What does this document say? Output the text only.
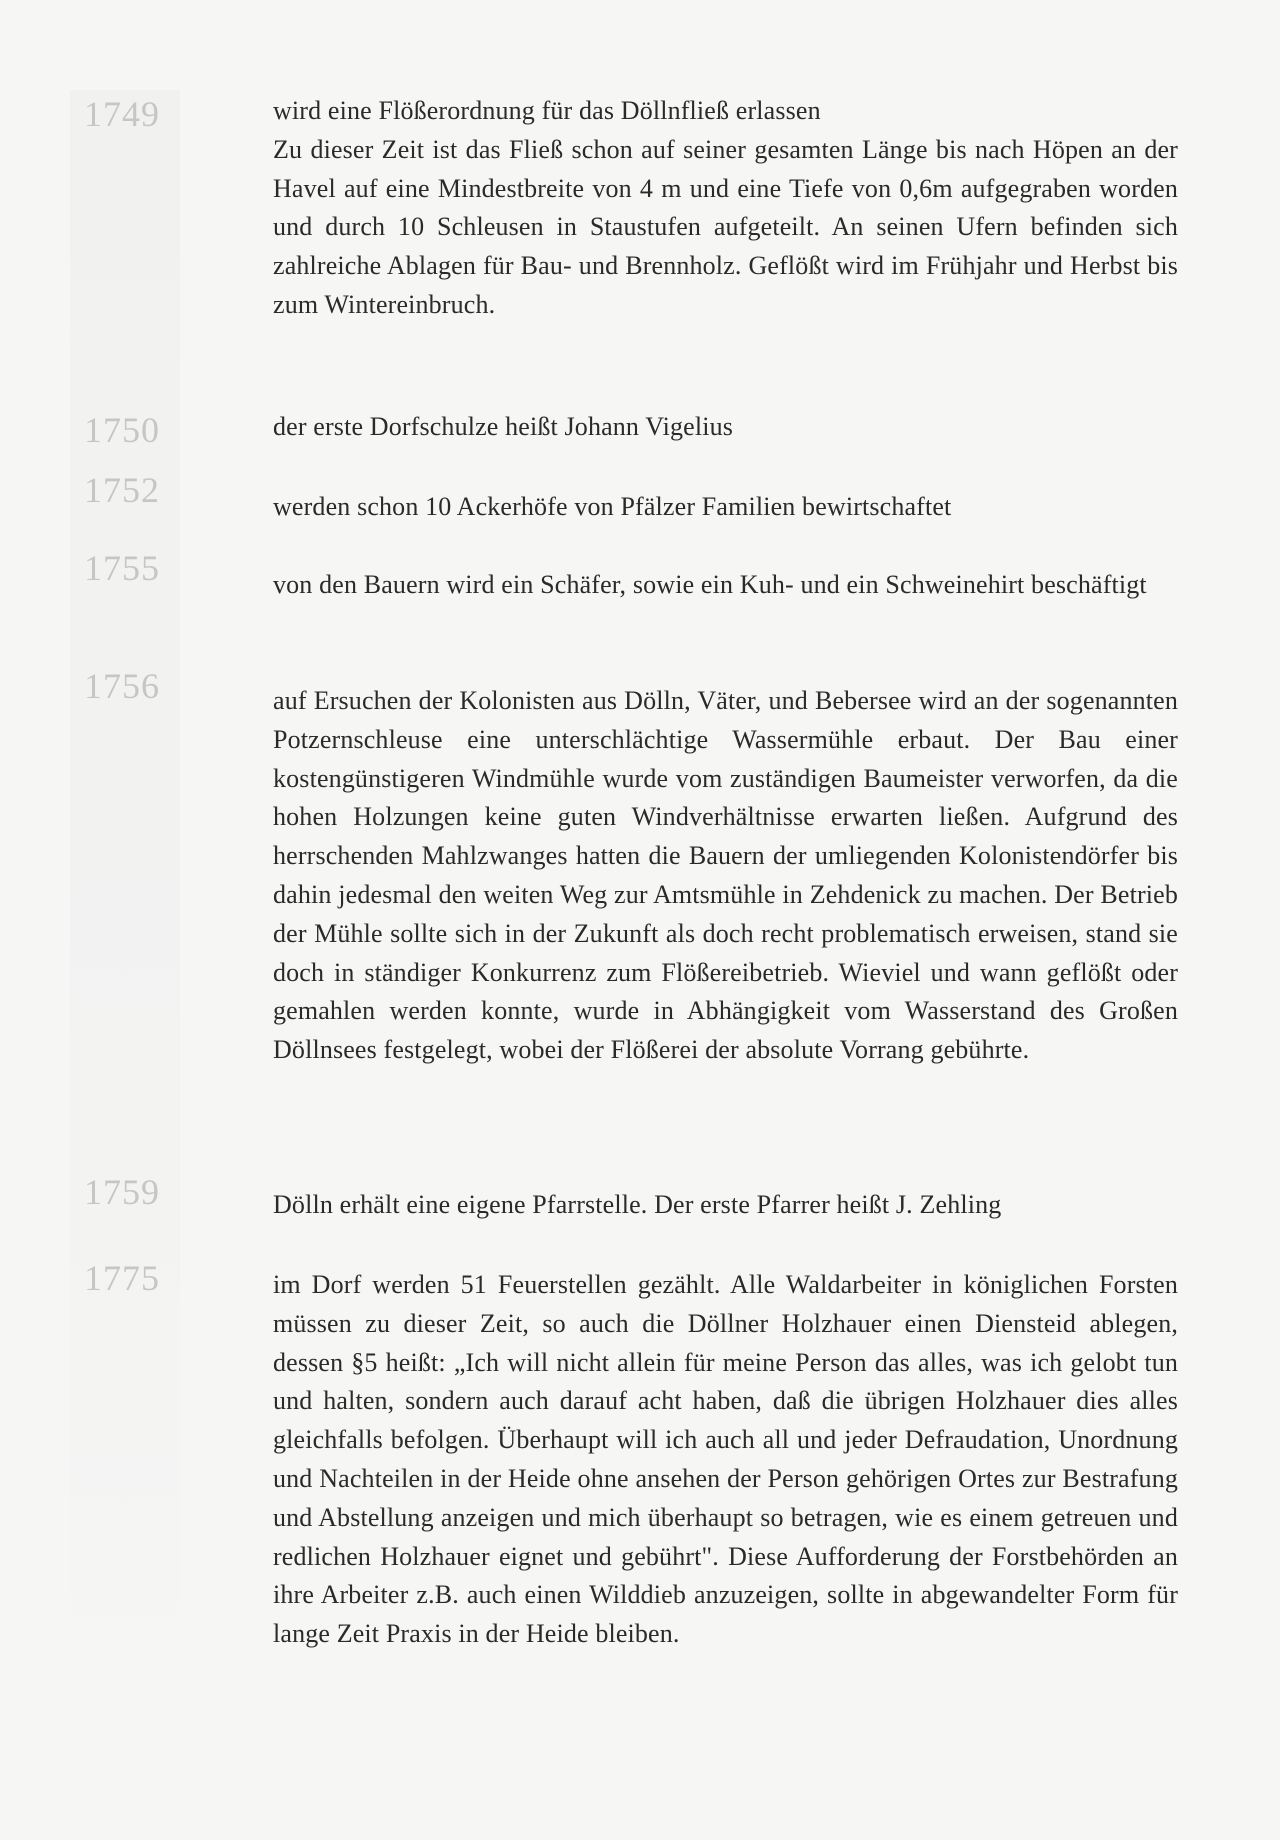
1749	wird eine Flößerordnung für das Döllnfließ erlassen

Zu dieser Zeit ist das Fließ schon auf seiner gesamten Länge bis nach Höpen an der Havel auf eine Mindestbreite von 4 m und eine Tiefe von 0,6m aufgegraben worden und durch 10 Schleusen in Staustufen aufgeteilt. An seinen Ufern befinden sich zahlreiche Ablagen für Bau- und Brennholz. Geflößt wird im Frühjahr und Herbst bis zum Wintereinbruch.

1750	der erste Dorfschulze heißt Johann Vigelius

1752	werden schon 10 Ackerhöfe von Pfälzer Familien bewirtschaftet

1755	von den Bauern wird ein Schäfer, sowie ein Kuh- und ein Schweinehirt beschäftigt

1756	auf Ersuchen der Kolonisten aus Dölln, Väter, und Bebersee wird an der sogenannten Potzernschleuse eine unterschlächtige Wassermühle erbaut. Der Bau einer kostengünstigeren Windmühle wurde vom zuständigen Baumeister verworfen, da die hohen Holzungen keine guten Windverhältnisse erwarten ließen. Aufgrund des herrschenden Mahlzwanges hatten die Bauern der umliegenden Kolonistendörfer bis dahin jedesmal den weiten Weg zur Amtsmühle in Zehdenick zu machen. Der Betrieb der Mühle sollte sich in der Zukunft als doch recht problematisch erweisen, stand sie doch in ständiger Konkurrenz zum Flößereibetrieb. Wieviel und wann geflößt oder gemahlen werden konnte, wurde in Abhängigkeit vom Wasserstand des Großen Döllnsees festgelegt, wobei der Flößerei der absolute Vorrang gebührte.

1759	Dölln erhält eine eigene Pfarrstelle. Der erste Pfarrer heißt J. Zehling

1775	im Dorf werden 51 Feuerstellen gezählt. Alle Waldarbeiter in königlichen Forsten müssen zu dieser Zeit, so auch die Döllner Holzhauer einen Diensteid ablegen, dessen §5 heißt: „Ich will nicht allein für meine Person das alles, was ich gelobt tun und halten, sondern auch darauf acht haben, daß die übrigen Holzhauer dies alles gleichfalls befolgen. Überhaupt will ich auch all und jeder Defraudation, Unordnung und Nachteilen in der Heide ohne ansehen der Person gehörigen Ortes zur Bestrafung und Abstellung anzeigen und mich überhaupt so betragen, wie es einem getreuen und redlichen Holzhauer eignet und gebührt". Diese Aufforderung der Forstbehörden an ihre Arbeiter z.B. auch einen Wilddieb anzuzeigen, sollte in abgewandelter Form für lange Zeit Praxis in der Heide bleiben.
